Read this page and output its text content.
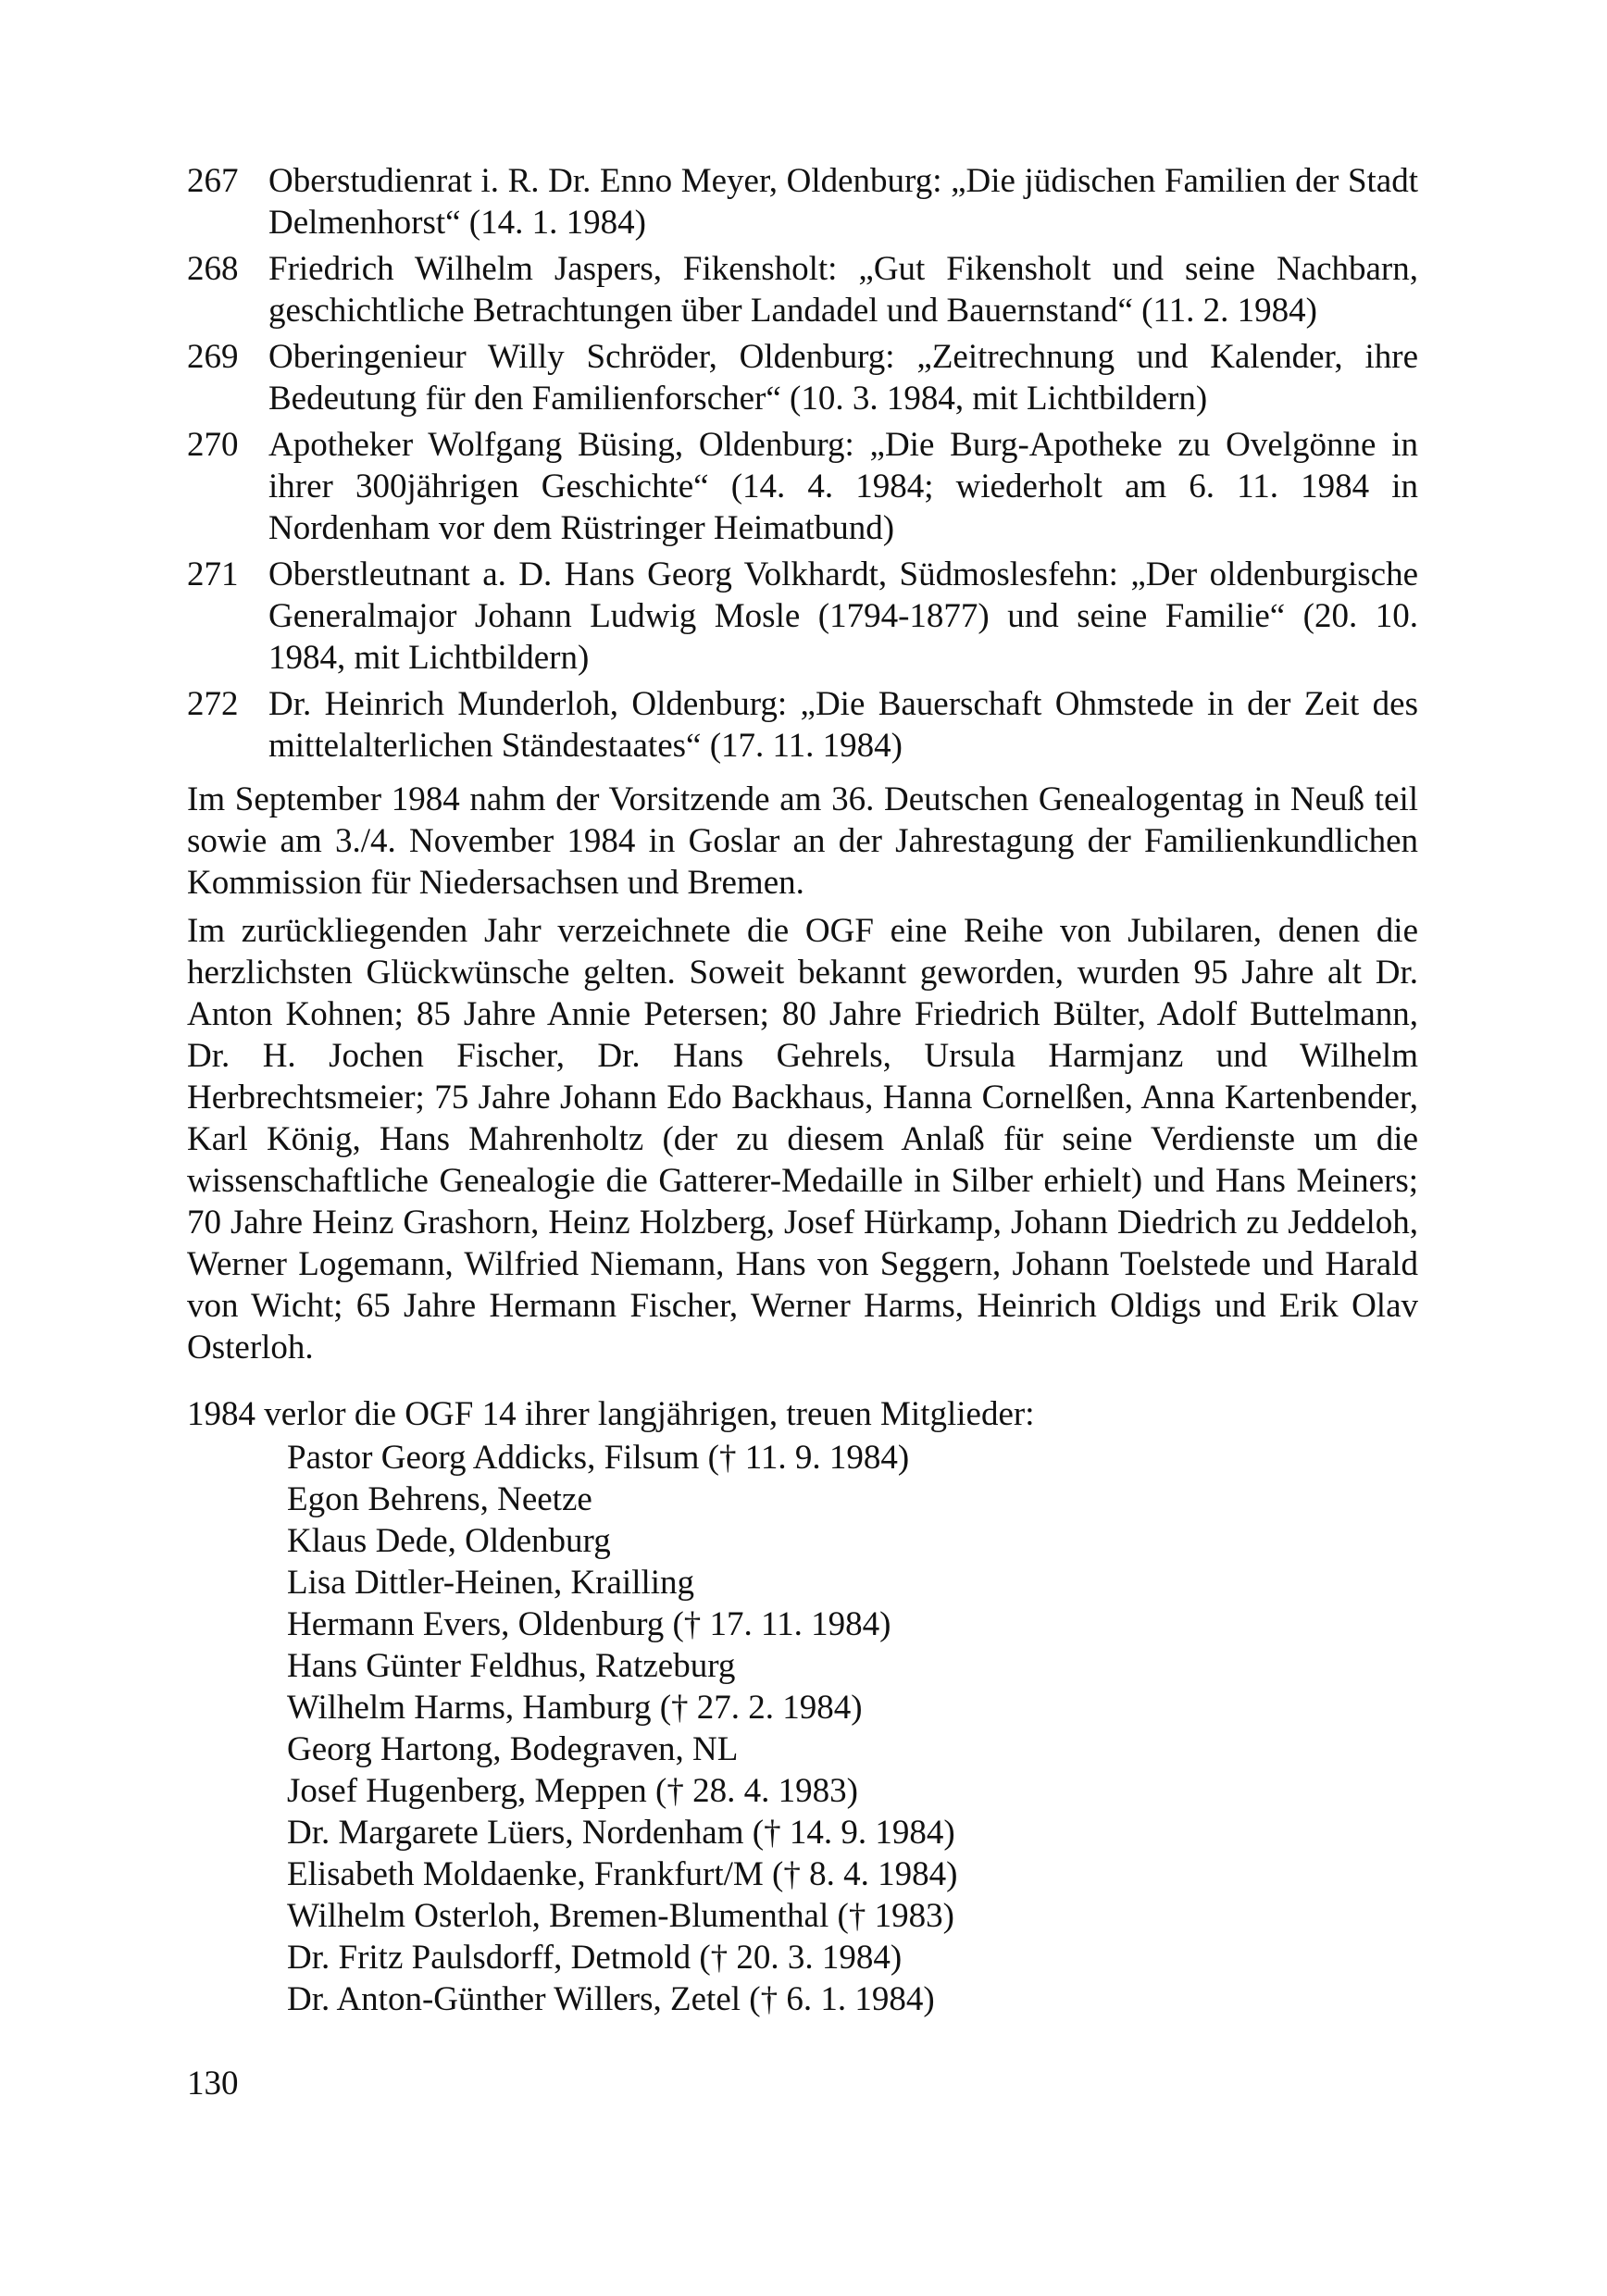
267 Oberstudienrat i. R. Dr. Enno Meyer, Oldenburg: „Die jüdischen Familien der Stadt Delmenhorst“ (14. 1. 1984)
268 Friedrich Wilhelm Jaspers, Fikensholt: „Gut Fikensholt und seine Nachbarn, geschichtliche Betrachtungen über Landadel und Bauernstand“ (11. 2. 1984)
269 Oberingenieur Willy Schröder, Oldenburg: „Zeitrechnung und Kalender, ihre Bedeutung für den Familienforscher“ (10. 3. 1984, mit Lichtbildern)
270 Apotheker Wolfgang Büsing, Oldenburg: „Die Burg-Apotheke zu Ovelgönne in ihrer 300jährigen Geschichte“ (14. 4. 1984; wiederholt am 6. 11. 1984 in Nordenham vor dem Rüstringer Heimatbund)
271 Oberstleutnant a. D. Hans Georg Volkhardt, Südmoslesfehn: „Der oldenburgische Generalmajor Johann Ludwig Mosle (1794-1877) und seine Familie“ (20. 10. 1984, mit Lichtbildern)
272 Dr. Heinrich Munderloh, Oldenburg: „Die Bauerschaft Ohmstede in der Zeit des mittelalterlichen Ständestaates“ (17. 11. 1984)

Im September 1984 nahm der Vorsitzende am 36. Deutschen Genealogentag in Neuß teil sowie am 3./4. November 1984 in Goslar an der Jahrestagung der Familienkundlichen Kommission für Niedersachsen und Bremen.

Im zurückliegenden Jahr verzeichnete die OGF eine Reihe von Jubilaren, denen die herzlichsten Glückwünsche gelten. Soweit bekannt geworden, wurden 95 Jahre alt Dr. Anton Kohnen; 85 Jahre Annie Petersen; 80 Jahre Friedrich Bülter, Adolf Buttelmann, Dr. H. Jochen Fischer, Dr. Hans Gehrels, Ursula Harmjanz und Wilhelm Herbrechtsmeier; 75 Jahre Johann Edo Backhaus, Hanna Cornelßen, Anna Kartenbender, Karl König, Hans Mahrenholtz (der zu diesem Anlaß für seine Verdienste um die wissenschaftliche Genealogie die Gatterer-Medaille in Silber erhielt) und Hans Meiners; 70 Jahre Heinz Grashorn, Heinz Holzberg, Josef Hürkamp, Johann Diedrich zu Jeddeloh, Werner Logemann, Wilfried Niemann, Hans von Seggern, Johann Toelstede und Harald von Wicht; 65 Jahre Hermann Fischer, Werner Harms, Heinrich Oldigs und Erik Olav Osterloh.

1984 verlor die OGF 14 ihrer langjährigen, treuen Mitglieder:

Pastor Georg Addicks, Filsum († 11. 9. 1984)
Egon Behrens, Neetze
Klaus Dede, Oldenburg
Lisa Dittler-Heinen, Krailling
Hermann Evers, Oldenburg († 17. 11. 1984)
Hans Günter Feldhus, Ratzeburg
Wilhelm Harms, Hamburg († 27. 2. 1984)
Georg Hartong, Bodegraven, NL
Josef Hugenberg, Meppen († 28. 4. 1983)
Dr. Margarete Lüers, Nordenham († 14. 9. 1984)
Elisabeth Moldaenke, Frankfurt/M († 8. 4. 1984)
Wilhelm Osterloh, Bremen-Blumenthal († 1983)
Dr. Fritz Paulsdorff, Detmold († 20. 3. 1984)
Dr. Anton-Günther Willers, Zetel († 6. 1. 1984)
130
